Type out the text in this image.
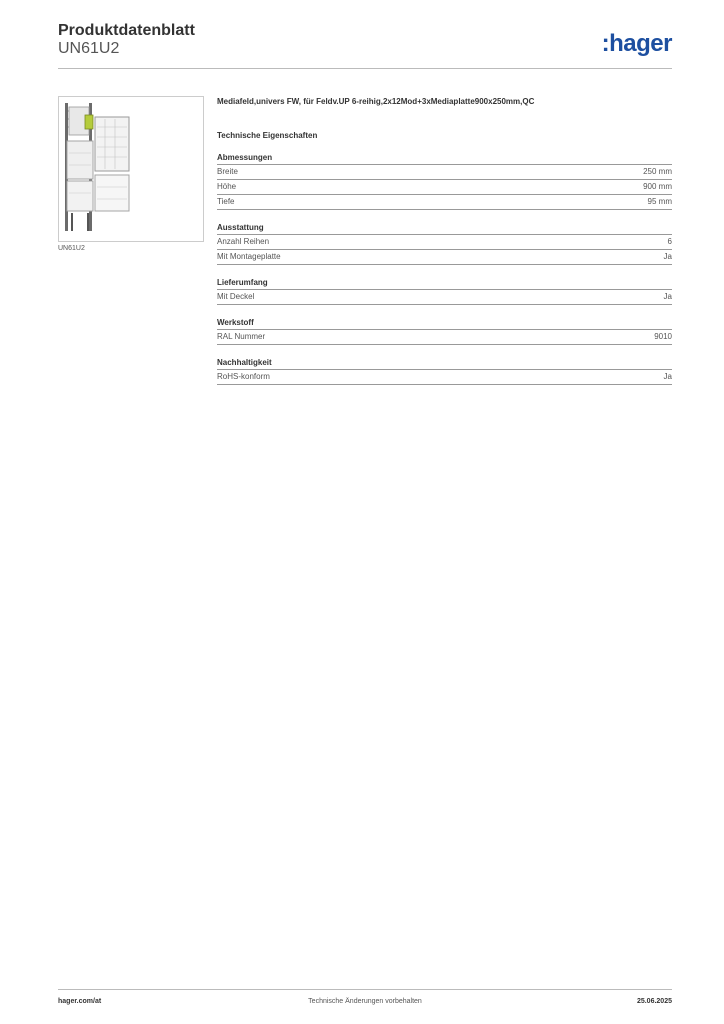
Produktdatenblatt
UN61U2	:hager
UN61U2
Mediafeld,univers FW, für Feldv.UP 6-reihig,2x12Mod+3xMediaplatte900x250mm,QC
Technische Eigenschaften
Abmessungen
Breite	250 mm
Höhe	900 mm
Tiefe	95 mm
Ausstattung
Anzahl Reihen	6
Mit Montageplatte	Ja
Lieferumfang
Mit Deckel	Ja
Werkstoff
RAL Nummer	9010
Nachhaltigkeit
RoHS-konform	Ja
hager.com/at	Technische Änderungen vorbehalten	25.06.2025
